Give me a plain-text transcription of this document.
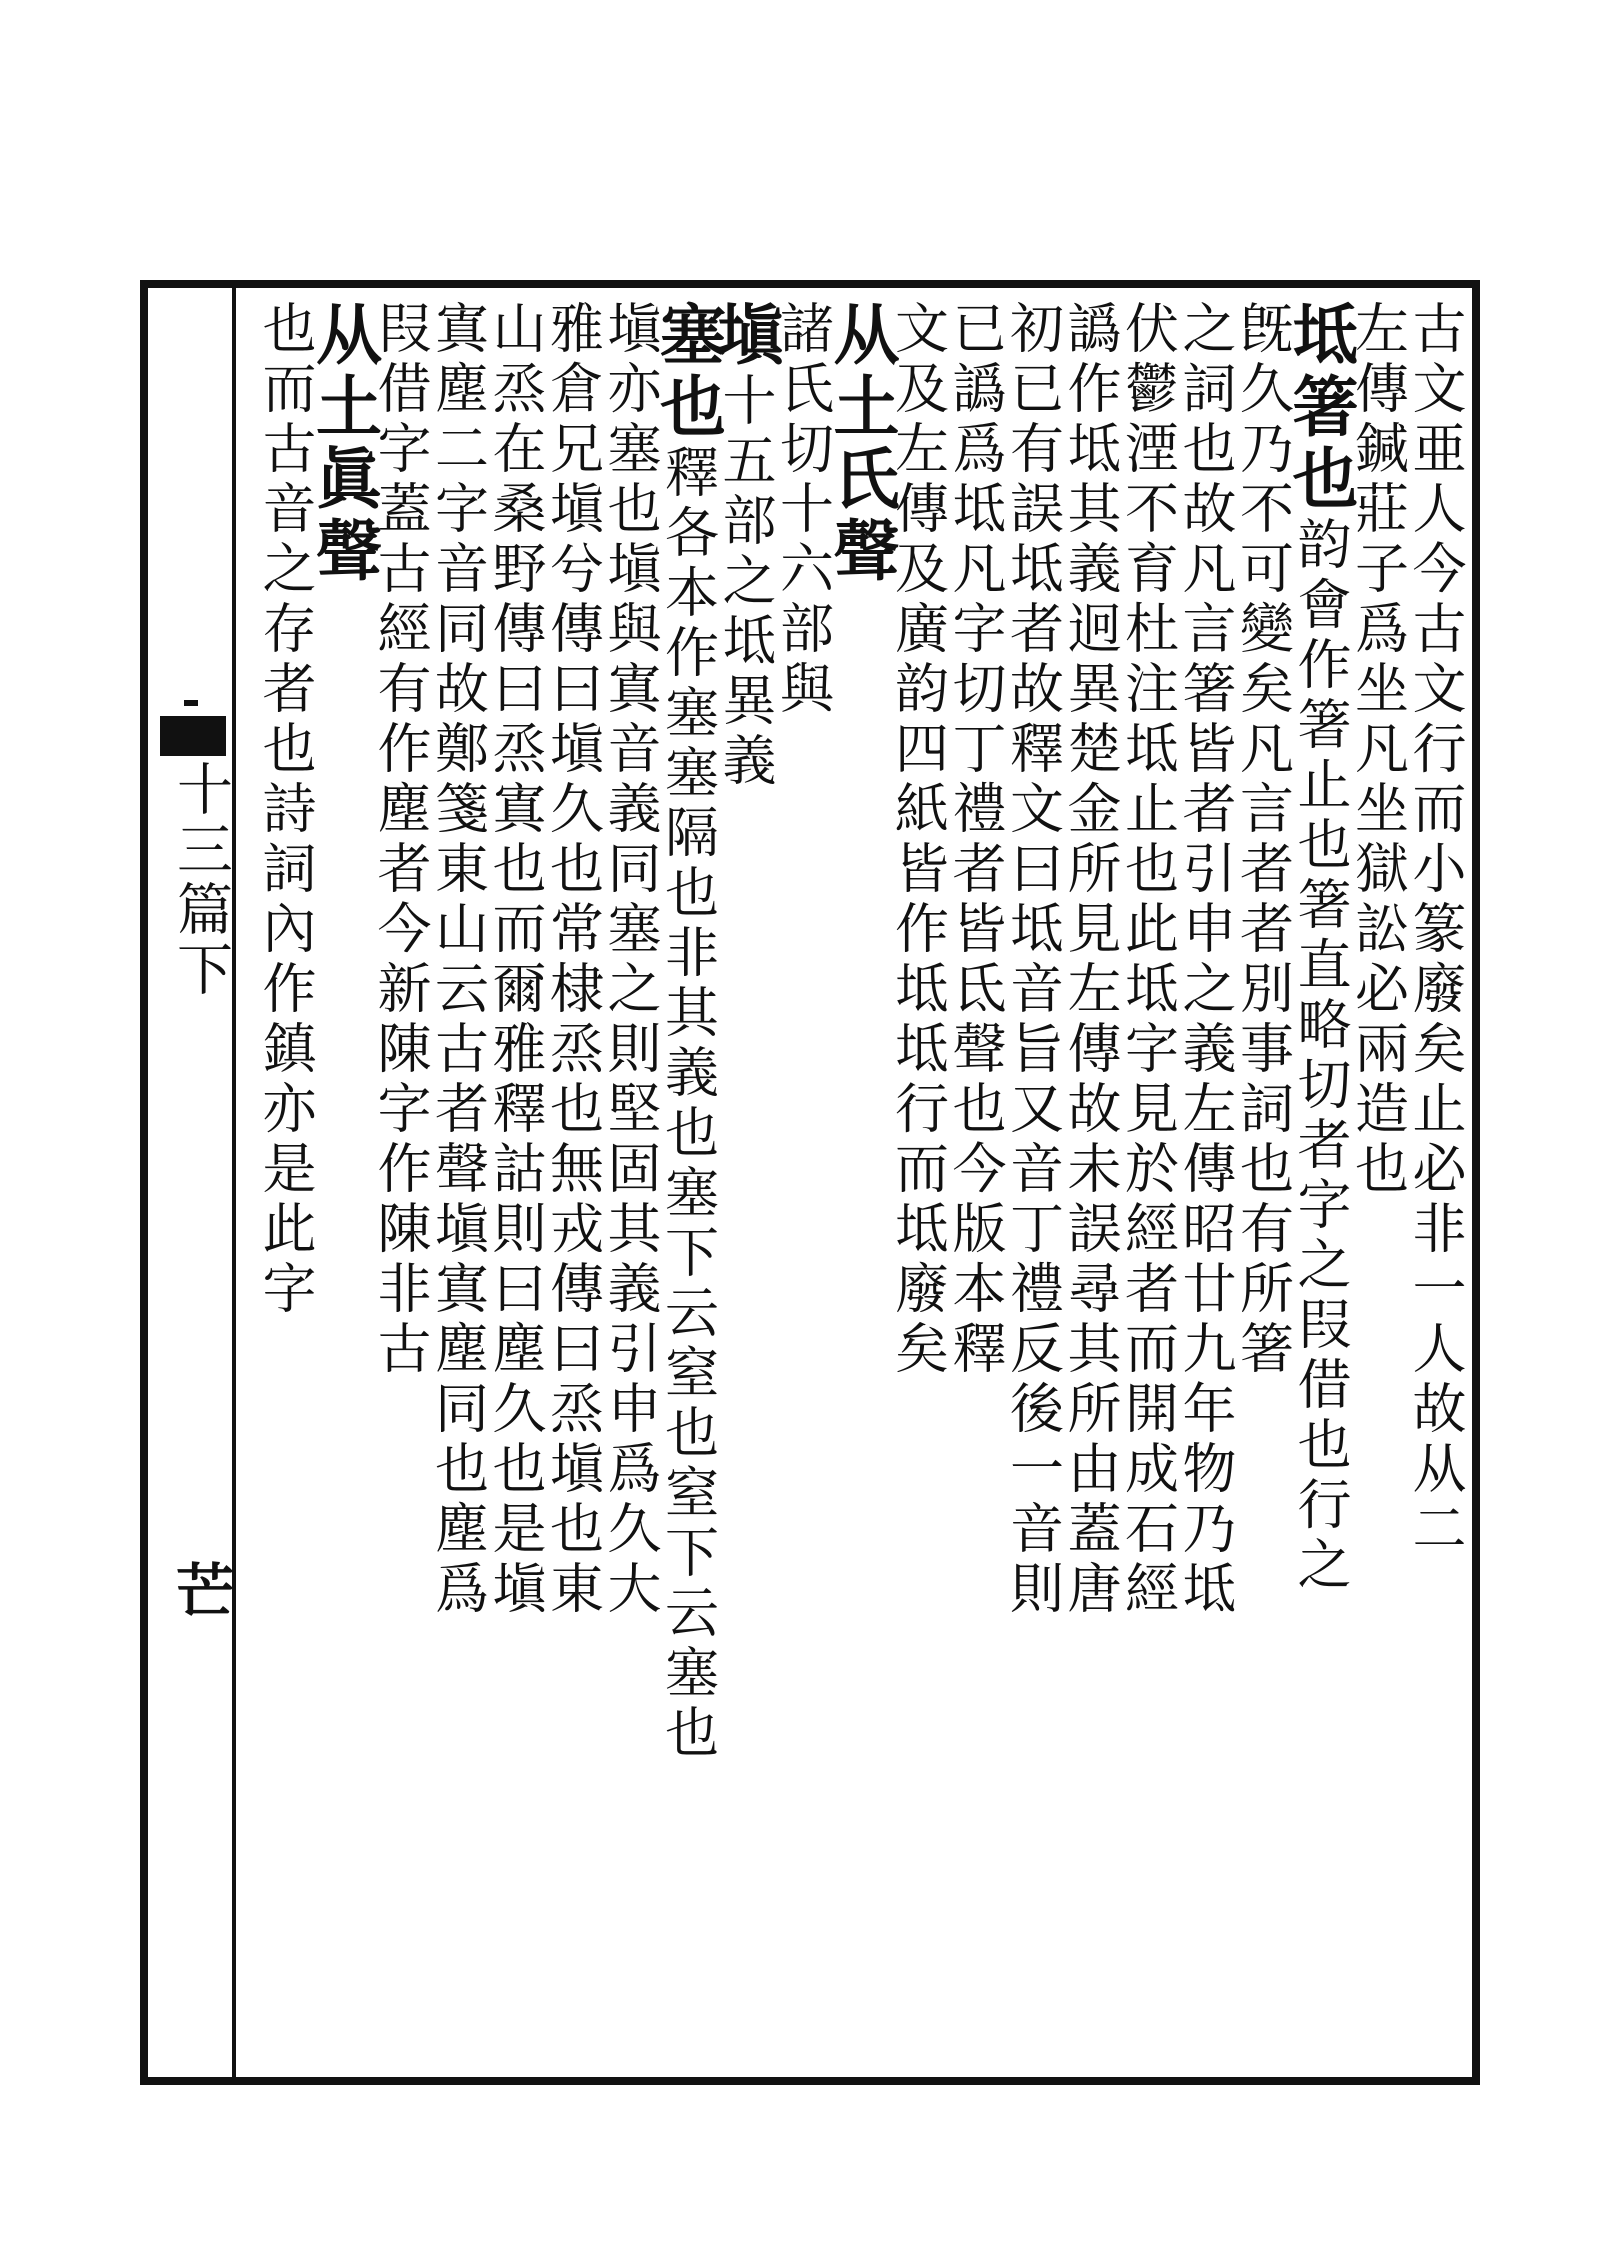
十三篇下
芒
古文亜人今古文行而小篆廢矣止必非一人故从二
左傳鍼莊子爲坐凡坐獄訟必兩造也
坻箸也韵會作箸止也箸直略切者字之叚借也行之
旣久乃不可變矣凡言者者別事詞也有所箸
之詞也故凡言箸皆者引申之義左傳昭廿九年物乃坻
伏鬱湮不育杜注坻止也此坻字見於經者而開成石經
譌作坻其義迥異楚金所見左傳故未誤尋其所由蓋唐
初已有誤坻者故釋文曰坻音旨又音丁禮反後一音則
已譌爲坻凡字切丁禮者皆氐聲也今版本釋
文及左傳及廣韵四紙皆作坻坻行而坻廢矣
从土氏聲
諸氏切十六部與
塡十五部之坻異義
塞也釋各本作塞塞隔也非其義也塞下云窒也窒下云塞也
塡亦塞也塡與寘音義同塞之則堅固其義引申爲久大
雅倉兄塡兮傳曰塡久也常棣烝也無戎傳曰烝塡也東
山烝在桑野傳曰烝寘也而爾雅釋詁則曰塵久也是塡
寘塵二字音同故鄭箋東山云古者聲塡寘塵同也塵爲
叚借字蓋古經有作塵者今新陳字作陳非古
从土眞聲
也而古音之存者也詩詞內作鎮亦是此字
